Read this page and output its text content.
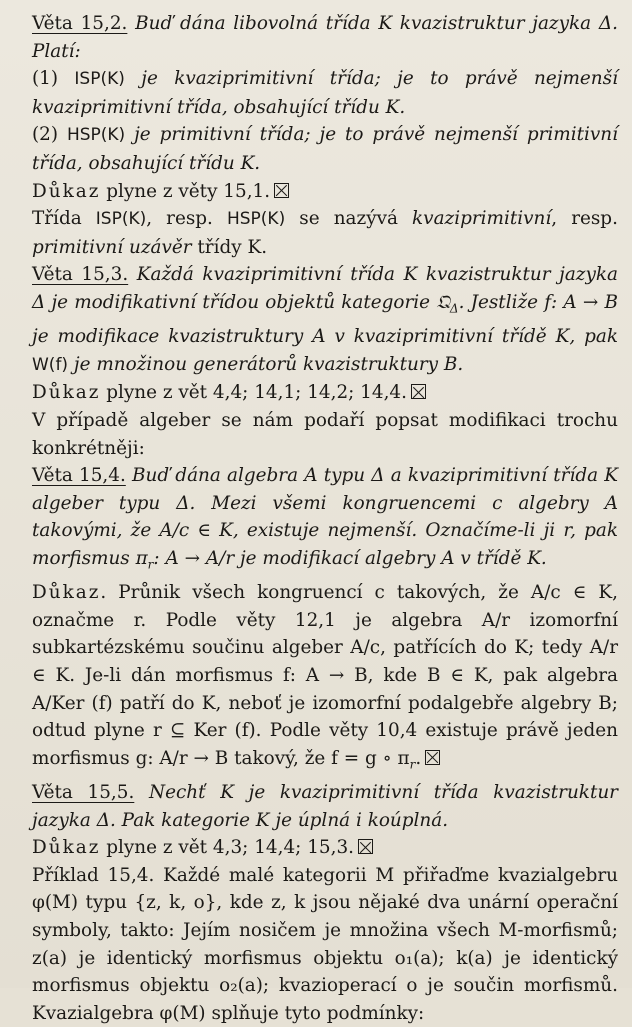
Věta 15,2. Buď dána libovolná třída K kvazistruktur jazyka Δ. Platí:

(1) ISP(K) je kvaziprimitivní třída; je to právě nejmenší kvaziprimitivní třída, obsahující třídu K.

(2) HSP(K) je primitivní třída; je to právě nejmenší primitivní třída, obsahující třídu K.

Důkaz plyne z věty 15,1.

Třída ISP(K), resp. HSP(K) se nazývá kvaziprimitivní, resp. primitivní uzávěr třídy K.

Věta 15,3. Každá kvaziprimitivní třída K kvazistruktur jazyka Δ je modifikativní třídou objektů kategorie 𝔔$_\Delta$. Jestliže f: A → B je modifikace kvazistruktury A v kvaziprimitivní třídě K, pak W(f) je množinou generátorů kvazistruktury B.

Důkaz plyne z vět 4,4; 14,1; 14,2; 14,4.

V případě algeber se nám podaří popsat modifikaci trochu konkrétněji:

Věta 15,4. Buď dána algebra A typu Δ a kvaziprimitivní třída K algeber typu Δ. Mezi všemi kongruencemi c algebry A takovými, že A/c ∈ K, existuje nejmenší. Označíme-li ji r, pak morfismus $\pi_r$: A → A/r je modifikací algebry A v třídě K.

Důkaz. Průnik všech kongruencí c takových, že A/c ∈ K, označme r. Podle věty 12,1 je algebra A/r izomorfní subkartézskému součinu algeber A/c, patřících do K; tedy A/r ∈ K. Je-li dán morfismus f: A → B, kde B ∈ K, pak algebra A/Ker (f) patří do K, neboť je izomorfní podalgebře algebry B; odtud plyne r ⊆ Ker (f). Podle věty 10,4 existuje právě jeden morfismus g: A/r → B takový, že f = g ∘ $\pi_r$.

Věta 15,5. Nechť K je kvaziprimitivní třída kvazistruktur jazyka Δ. Pak kategorie K je úplná i koúplná.

Důkaz plyne z vět 4,3; 14,4; 15,3.

Příklad 15,4. Každé malé kategorii M přiřaďme kvazialgebru φ(M) typu {z, k, o}, kde z, k jsou nějaké dva unární operační symboly, takto: Jejím nosičem je množina všech M-morfismů; z(a) je identický morfismus objektu o₁(a); k(a) je identický morfismus objektu o₂(a); kvazioperací o je součin morfismů. Kvazialgebra φ(M) splňuje tyto podmínky:
